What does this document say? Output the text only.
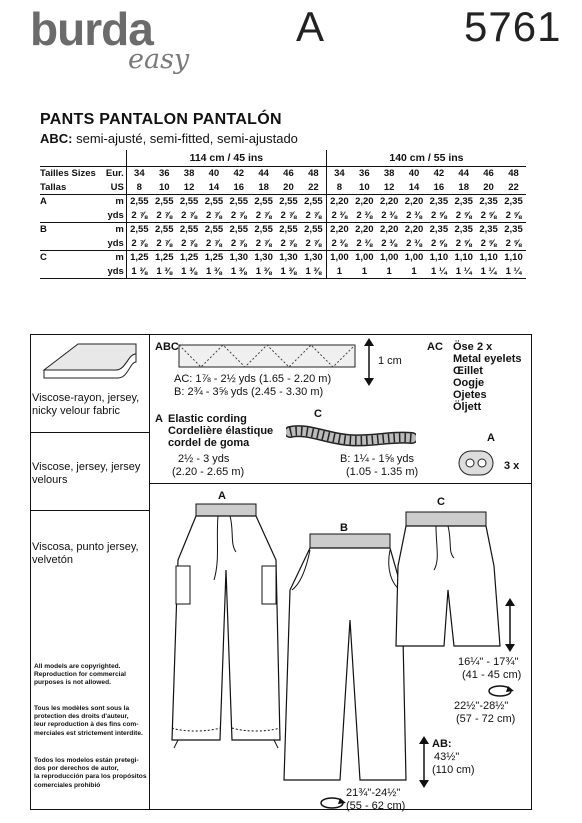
burda
easy
A	5761
PANTS PANTALON PANTALÓN
ABC: semi-ajusté, semi-fitted, semi-ajustado
		114 cm / 45 ins								140 cm / 55 ins							
Tailles Sizes	Eur.	34	36	38	40	42	44	46	48	34	36	38	40	42	44	46	48
Tallas	US	8	10	12	14	16	18	20	22	8	10	12	14	16	18	20	22
A	m	2,55	2,55	2,55	2,55	2,55	2,55	2,55	2,55	2,20	2,20	2,20	2,20	2,35	2,35	2,35	2,35
	yds	2 ⅞	2 ⅞	2 ⅞	2 ⅞	2 ⅞	2 ⅞	2 ⅞	2 ⅞	2 ⅜	2 ⅜	2 ⅜	2 ⅜	2 ⅝	2 ⅝	2 ⅝	2 ⅝
B	m	2,55	2,55	2,55	2,55	2,55	2,55	2,55	2,55	2,20	2,20	2,20	2,20	2,35	2,35	2,35	2,35
	yds	2 ⅞	2 ⅞	2 ⅞	2 ⅞	2 ⅞	2 ⅞	2 ⅞	2 ⅞	2 ⅜	2 ⅜	2 ⅜	2 ⅜	2 ⅝	2 ⅝	2 ⅝	2 ⅝
C	m	1,25	1,25	1,25	1,25	1,30	1,30	1,30	1,30	1,00	1,00	1,00	1,00	1,10	1,10	1,10	1,10
	yds	1 ⅜	1 ⅜	1 ⅜	1 ⅜	1 ⅜	1 ⅜	1 ⅜	1 ⅜	1	1	1	1	1 ¼	1 ¼	1 ¼	1 ¼
Viscose-rayon, jersey,
nicky velour fabric
Viscose, jersey, jersey
velours
Viscosa, punto jersey,
velvetón
All models are copyrighted.
Reproduction for commercial
purposes is not allowed.
Tous les modèles sont sous la
protection des droits d'auteur,
leur reproduction à des fins com-
merciales est strictement interdite.
Todos los modelos están pretegi-
dos por derechos de autor,
la reproducción para los propósitos
comerciales prohibió
ABC
1 cm
AC: 1⅞ - 2½ yds (1.65 - 2.20 m)
B: 2¾ - 3⅝ yds (2.45 - 3.30 m)
AC	2 x
Öse
Metal eyelets
Œillet
Oogje
Ojetes
Öljett
A Elastic cording
Cordelière élastique
cordel de goma
2½ - 3 yds
(2.20 - 2.65 m)
C
B: 1¼ - 1⅝ yds
(1.05 - 1.35 m)
A
3 x
A
B
C
16¼" - 17¾"
(41 - 45 cm)
22½"-28½"
(57 - 72 cm)
AB:
43½"
(110 cm)
21¾"-24½"
(55 - 62 cm)
